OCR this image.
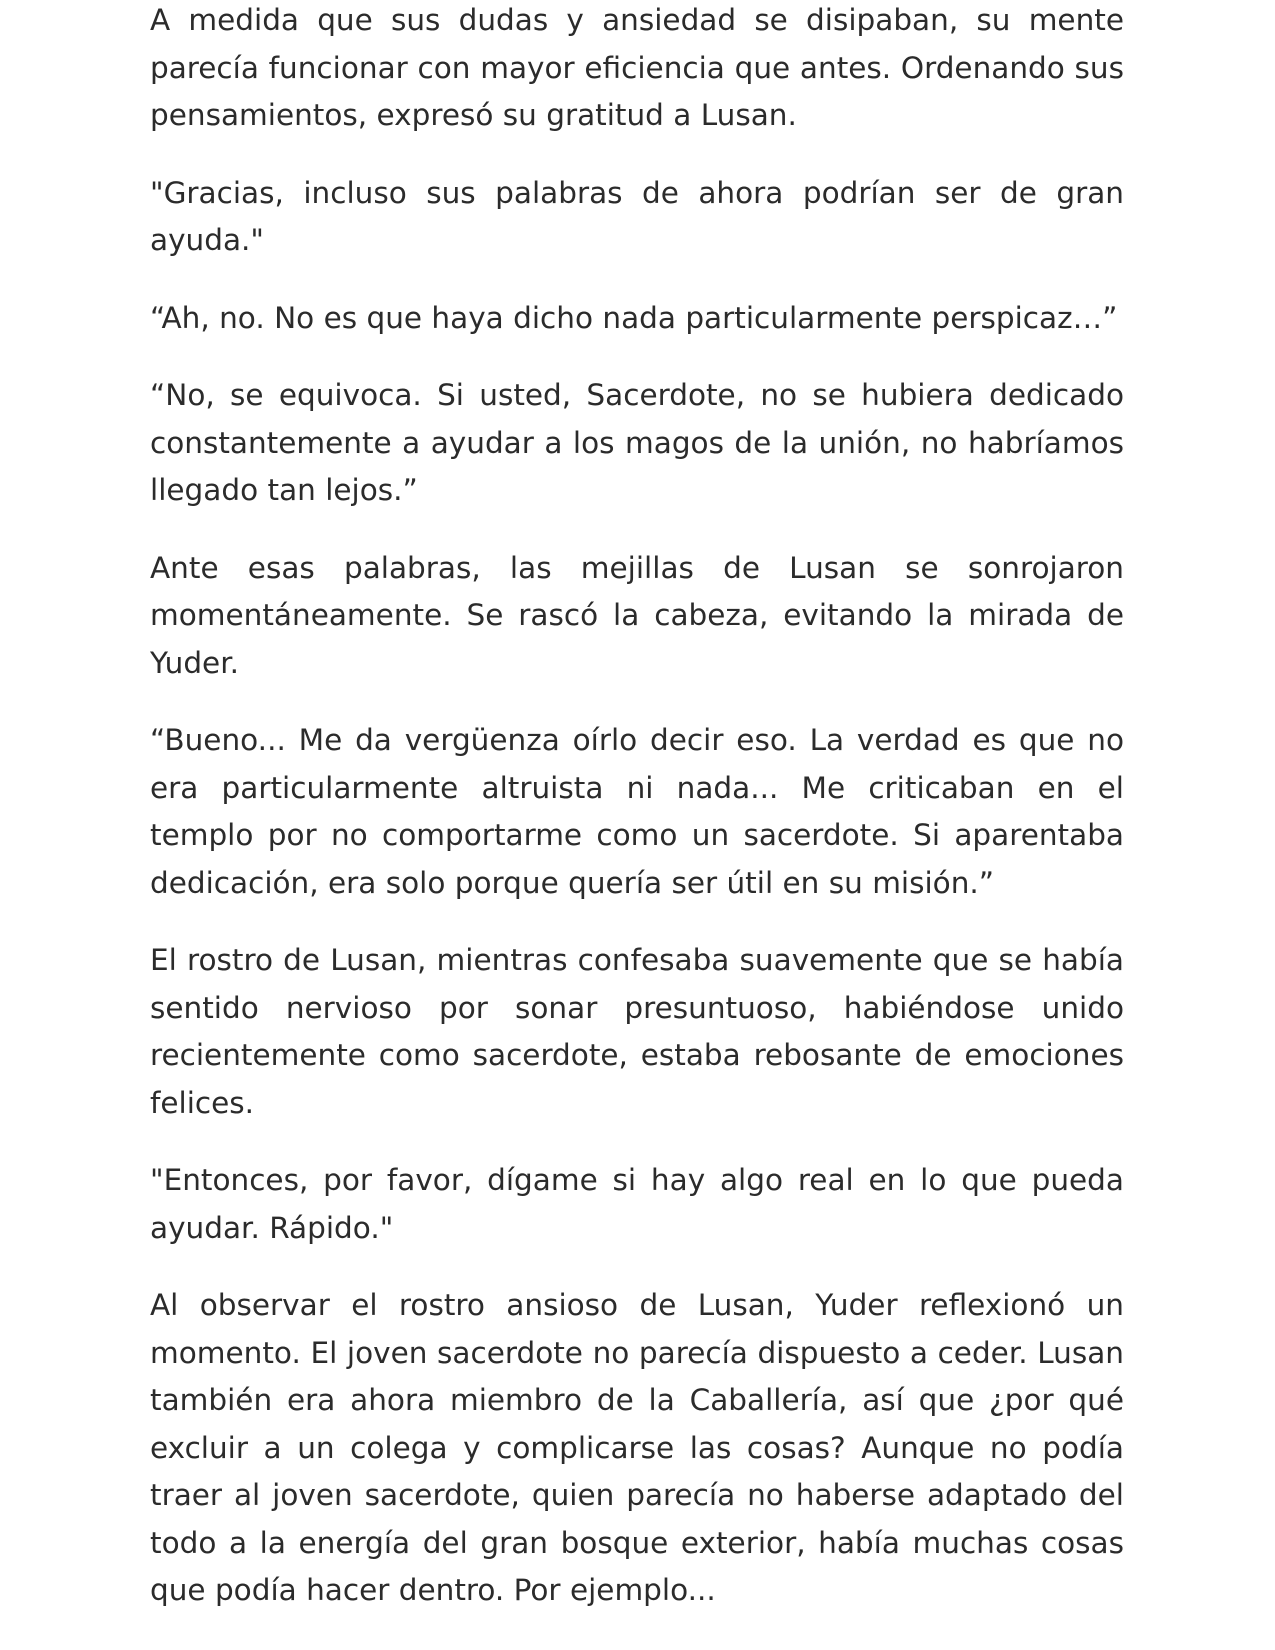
A medida que sus dudas y ansiedad se disipaban, su mente parecía funcionar con mayor eficiencia que antes. Ordenando sus pensamientos, expresó su gratitud a Lusan.

"Gracias, incluso sus palabras de ahora podrían ser de gran ayuda."

“Ah, no. No es que haya dicho nada particularmente perspicaz…”

“No, se equivoca. Si usted, Sacerdote, no se hubiera dedicado constantemente a ayudar a los magos de la unión, no habríamos llegado tan lejos.”

Ante esas palabras, las mejillas de Lusan se sonrojaron momentáneamente. Se rascó la cabeza, evitando la mirada de Yuder.

“Bueno... Me da vergüenza oírlo decir eso. La verdad es que no era particularmente altruista ni nada... Me criticaban en el templo por no comportarme como un sacerdote. Si aparentaba dedicación, era solo porque quería ser útil en su misión.”

El rostro de Lusan, mientras confesaba suavemente que se había sentido nervioso por sonar presuntuoso, habiéndose unido recientemente como sacerdote, estaba rebosante de emociones felices.

"Entonces, por favor, dígame si hay algo real en lo que pueda ayudar. Rápido."

Al observar el rostro ansioso de Lusan, Yuder reflexionó un momento. El joven sacerdote no parecía dispuesto a ceder. Lusan también era ahora miembro de la Caballería, así que ¿por qué excluir a un colega y complicarse las cosas? Aunque no podía traer al joven sacerdote, quien parecía no haberse adaptado del todo a la energía del gran bosque exterior, había muchas cosas que podía hacer dentro. Por ejemplo...
